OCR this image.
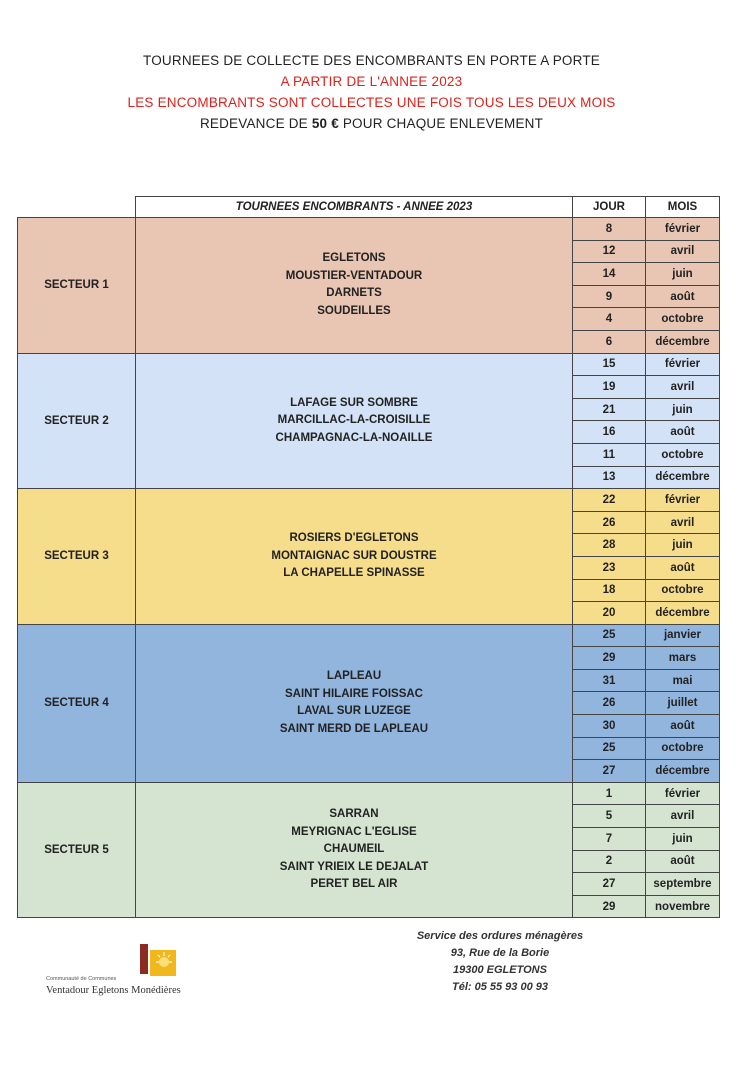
TOURNEES DE COLLECTE DES ENCOMBRANTS EN PORTE A PORTE
A PARTIR DE L'ANNEE 2023
LES ENCOMBRANTS SONT COLLECTES UNE FOIS TOUS LES DEUX MOIS
REDEVANCE DE 50 € POUR CHAQUE ENLEVEMENT
	TOURNEES ENCOMBRANTS - ANNEE 2023	JOUR	MOIS
SECTEUR 1	EGLETONS
MOUSTIER-VENTADOUR
DARNETS
SOUDEILLES	8	février
		12	avril
		14	juin
		9	août
		4	octobre
		6	décembre
SECTEUR 2	LAFAGE SUR SOMBRE
MARCILLAC-LA-CROISILLE
CHAMPAGNAC-LA-NOAILLE	15	février
		19	avril
		21	juin
		16	août
		11	octobre
		13	décembre
SECTEUR 3	ROSIERS D'EGLETONS
MONTAIGNAC SUR DOUSTRE
LA CHAPELLE SPINASSE	22	février
		26	avril
		28	juin
		23	août
		18	octobre
		20	décembre
SECTEUR 4	LAPLEAU
SAINT HILAIRE FOISSAC
LAVAL SUR LUZEGE
SAINT MERD DE LAPLEAU	25	janvier
		29	mars
		31	mai
		26	juillet
		30	août
		25	octobre
		27	décembre
SECTEUR 5	SARRAN
MEYRIGNAC L'EGLISE
CHAUMEIL
SAINT YRIEIX LE DEJALAT
PERET BEL AIR	1	février
		5	avril
		7	juin
		2	août
		27	septembre
		29	novembre
Communauté de Communes
Ventadour Egletons Monédières
Service des ordures ménagères
93, Rue de la Borie
19300 EGLETONS
Tél: 05 55 93 00 93
